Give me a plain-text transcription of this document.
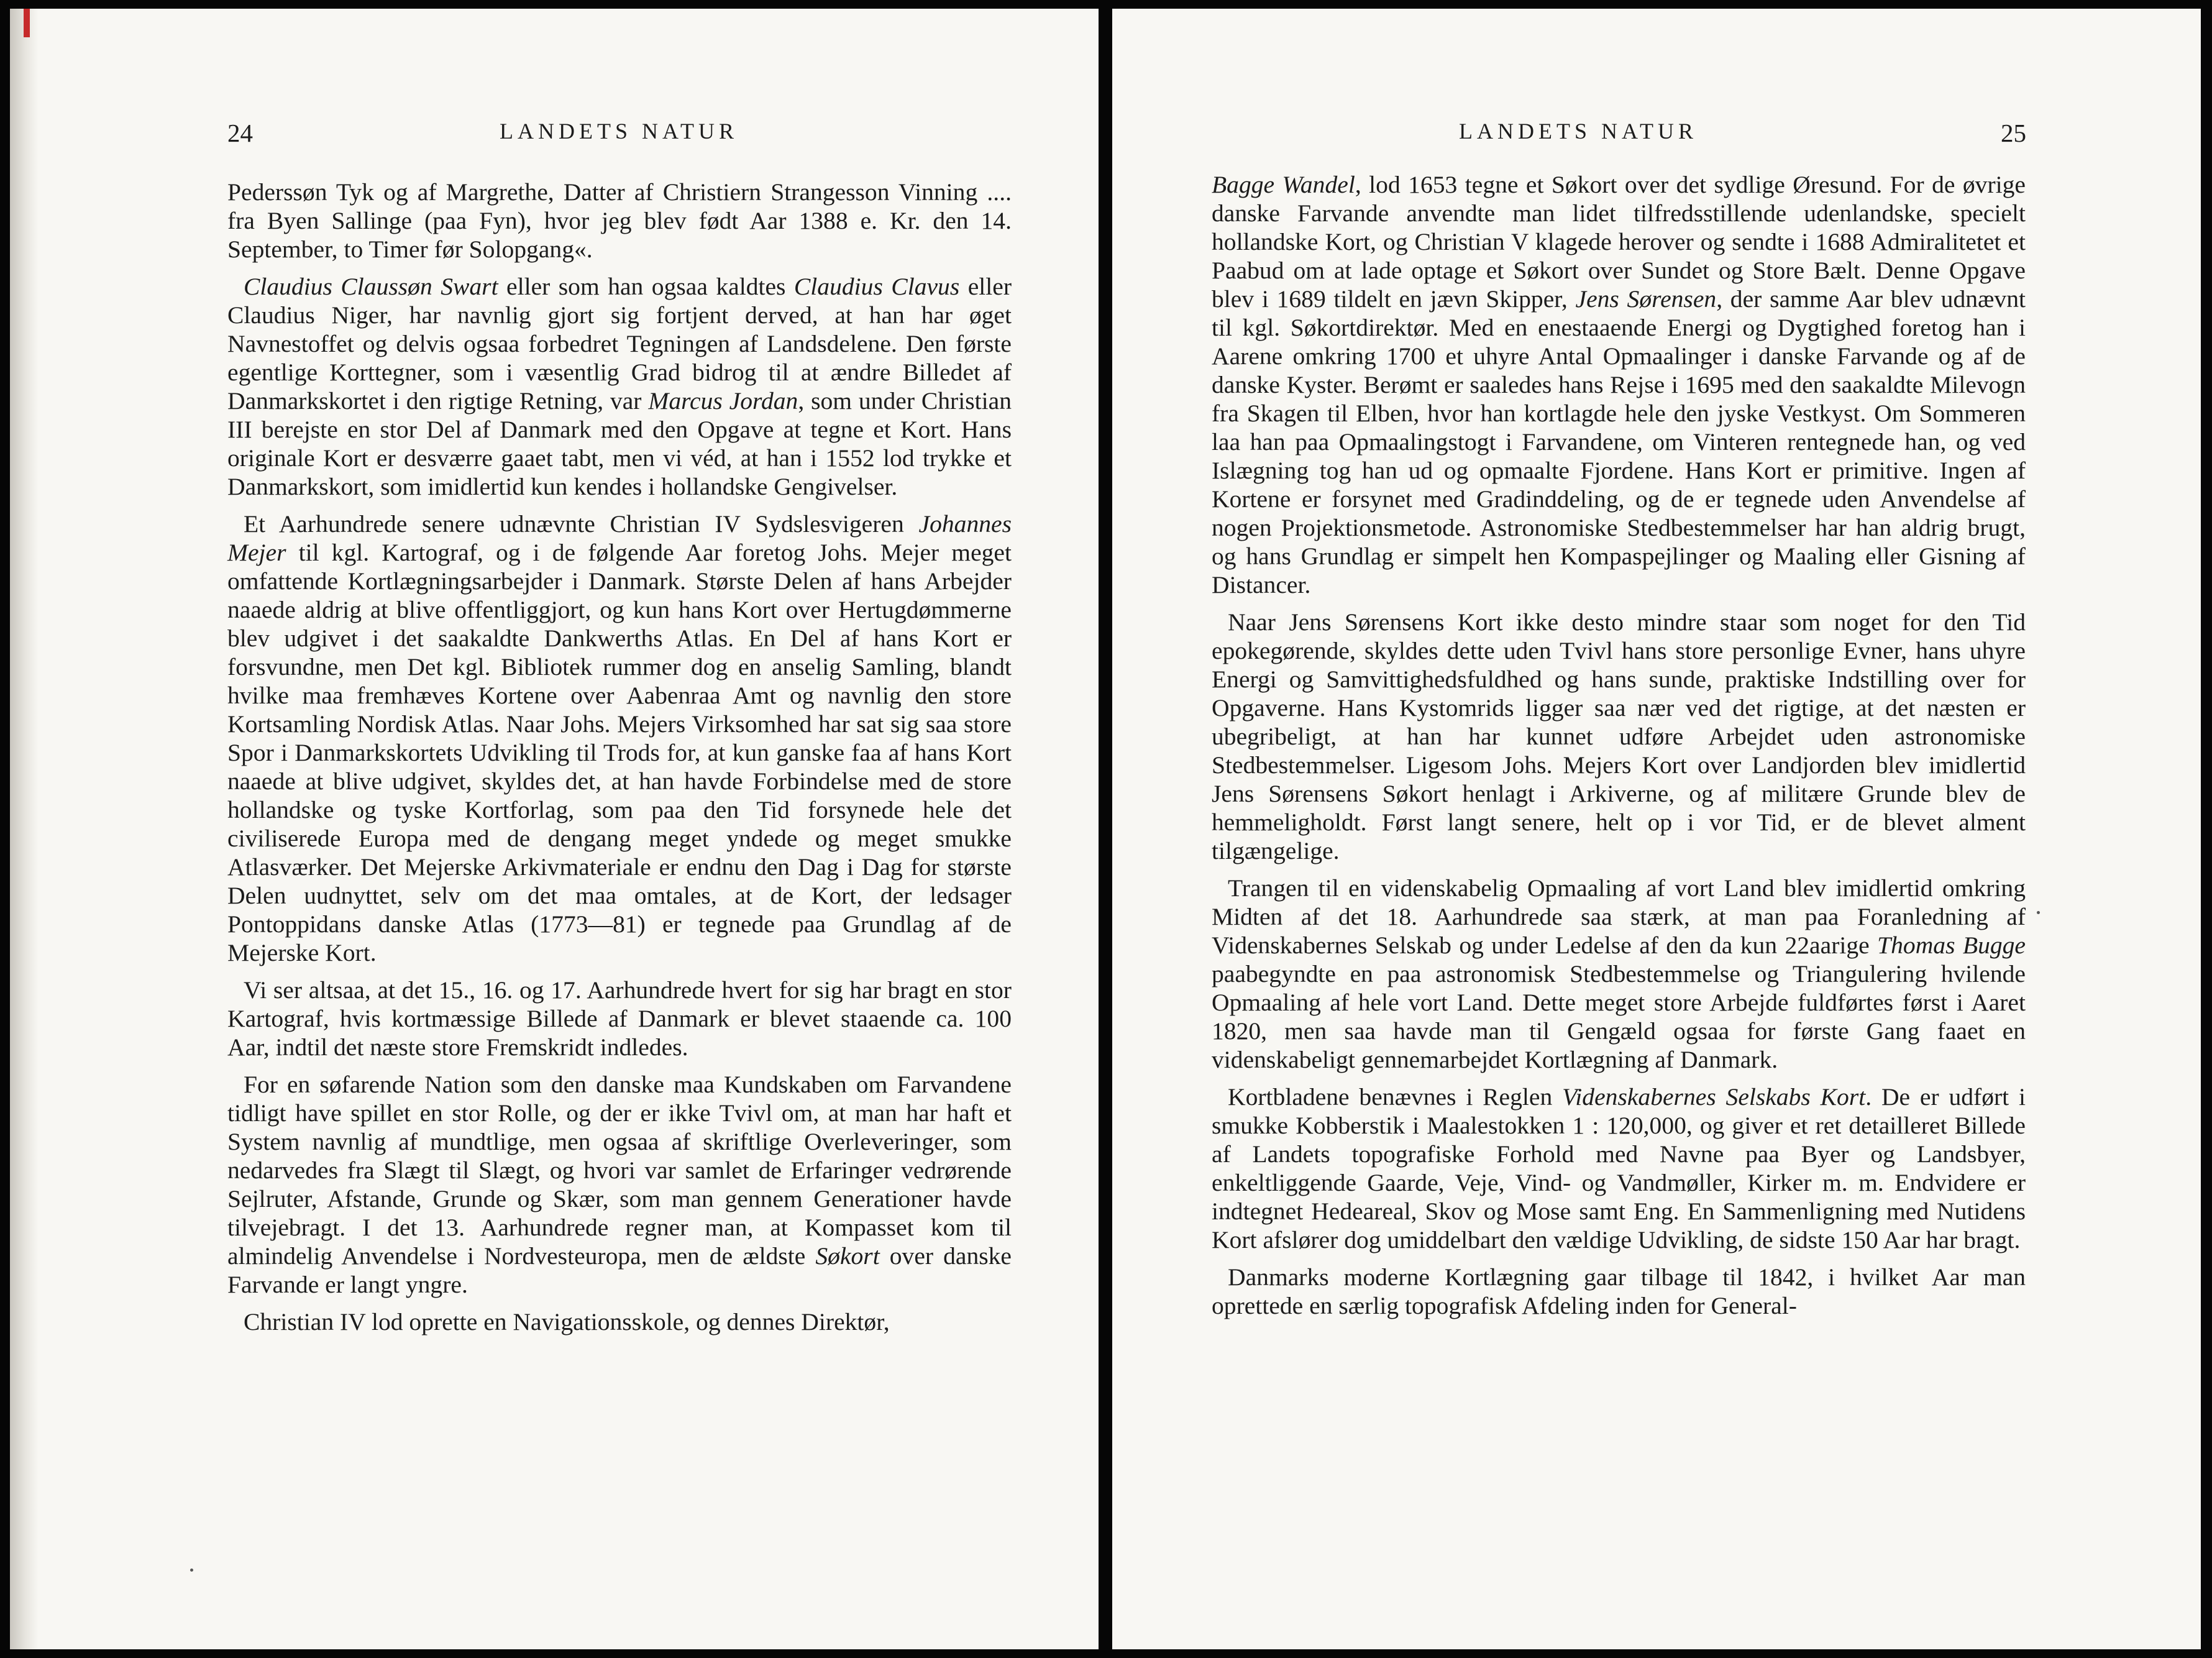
24	LANDETS NATUR

Pederssøn Tyk og af Margrethe, Datter af Christiern Strangesson Vinning .... fra Byen Sallinge (paa Fyn), hvor jeg blev født Aar 1388 e. Kr. den 14. September, to Timer før Solopgang«.

Claudius Claussøn Swart eller som han ogsaa kaldtes Claudius Clavus eller Claudius Niger, har navnlig gjort sig fortjent derved, at han har øget Navnestoffet og delvis ogsaa forbedret Tegningen af Landsdelene. Den første egentlige Korttegner, som i væsentlig Grad bidrog til at ændre Billedet af Danmarkskortet i den rigtige Retning, var Marcus Jordan, som under Christian III berejste en stor Del af Danmark med den Opgave at tegne et Kort. Hans originale Kort er desværre gaaet tabt, men vi véd, at han i 1552 lod trykke et Danmarkskort, som imidlertid kun kendes i hollandske Gengivelser.

Et Aarhundrede senere udnævnte Christian IV Sydslesvigeren Johannes Mejer til kgl. Kartograf, og i de følgende Aar foretog Johs. Mejer meget omfattende Kortlægningsarbejder i Danmark. Største Delen af hans Arbejder naaede aldrig at blive offentliggjort, og kun hans Kort over Hertugdømmerne blev udgivet i det saakaldte Dankwerths Atlas. En Del af hans Kort er forsvundne, men Det kgl. Bibliotek rummer dog en anselig Samling, blandt hvilke maa fremhæves Kortene over Aabenraa Amt og navnlig den store Kortsamling Nordisk Atlas. Naar Johs. Mejers Virksomhed har sat sig saa store Spor i Danmarkskortets Udvikling til Trods for, at kun ganske faa af hans Kort naaede at blive udgivet, skyldes det, at han havde Forbindelse med de store hollandske og tyske Kortforlag, som paa den Tid forsynede hele det civiliserede Europa med de dengang meget yndede og meget smukke Atlasværker. Det Mejerske Arkivmateriale er endnu den Dag i Dag for største Delen uudnyttet, selv om det maa omtales, at de Kort, der ledsager Pontoppidans danske Atlas (1773—81) er tegnede paa Grundlag af de Mejerske Kort.

Vi ser altsaa, at det 15., 16. og 17. Aarhundrede hvert for sig har bragt en stor Kartograf, hvis kortmæssige Billede af Danmark er blevet staaende ca. 100 Aar, indtil det næste store Fremskridt indledes.

For en søfarende Nation som den danske maa Kundskaben om Farvandene tidligt have spillet en stor Rolle, og der er ikke Tvivl om, at man har haft et System navnlig af mundtlige, men ogsaa af skriftlige Overleveringer, som nedarvedes fra Slægt til Slægt, og hvori var samlet de Erfaringer vedrørende Sejlruter, Afstande, Grunde og Skær, som man gennem Generationer havde tilvejebragt. I det 13. Aarhundrede regner man, at Kompasset kom til almindelig Anvendelse i Nordvesteuropa, men de ældste Søkort over danske Farvande er langt yngre.

Christian IV lod oprette en Navigationsskole, og dennes Direktør,

LANDETS NATUR	25

Bagge Wandel, lod 1653 tegne et Søkort over det sydlige Øresund. For de øvrige danske Farvande anvendte man lidet tilfredsstillende udenlandske, specielt hollandske Kort, og Christian V klagede herover og sendte i 1688 Admiralitetet et Paabud om at lade optage et Søkort over Sundet og Store Bælt. Denne Opgave blev i 1689 tildelt en jævn Skipper, Jens Sørensen, der samme Aar blev udnævnt til kgl. Søkortdirektør. Med en enestaaende Energi og Dygtighed foretog han i Aarene omkring 1700 et uhyre Antal Opmaalinger i danske Farvande og af de danske Kyster. Berømt er saaledes hans Rejse i 1695 med den saakaldte Milevogn fra Skagen til Elben, hvor han kortlagde hele den jyske Vestkyst. Om Sommeren laa han paa Opmaalingstogt i Farvandene, om Vinteren rentegnede han, og ved Islægning tog han ud og opmaalte Fjordene. Hans Kort er primitive. Ingen af Kortene er forsynet med Gradinddeling, og de er tegnede uden Anvendelse af nogen Projektionsmetode. Astronomiske Stedbestemmelser har han aldrig brugt, og hans Grundlag er simpelt hen Kompaspejlinger og Maaling eller Gisning af Distancer.

Naar Jens Sørensens Kort ikke desto mindre staar som noget for den Tid epokegørende, skyldes dette uden Tvivl hans store personlige Evner, hans uhyre Energi og Samvittighedsfuldhed og hans sunde, praktiske Indstilling over for Opgaverne. Hans Kystomrids ligger saa nær ved det rigtige, at det næsten er ubegribeligt, at han har kunnet udføre Arbejdet uden astronomiske Stedbestemmelser. Ligesom Johs. Mejers Kort over Landjorden blev imidlertid Jens Sørensens Søkort henlagt i Arkiverne, og af militære Grunde blev de hemmeligholdt. Først langt senere, helt op i vor Tid, er de blevet alment tilgængelige.

Trangen til en videnskabelig Opmaaling af vort Land blev imidlertid omkring Midten af det 18. Aarhundrede saa stærk, at man paa Foranledning af Videnskabernes Selskab og under Ledelse af den da kun 22aarige Thomas Bugge paabegyndte en paa astronomisk Stedbestemmelse og Triangulering hvilende Opmaaling af hele vort Land. Dette meget store Arbejde fuldførtes først i Aaret 1820, men saa havde man til Gengæld ogsaa for første Gang faaet en videnskabeligt gennemarbejdet Kortlægning af Danmark.

Kortbladene benævnes i Reglen Videnskabernes Selskabs Kort. De er udført i smukke Kobberstik i Maalestokken 1 : 120,000, og giver et ret detailleret Billede af Landets topografiske Forhold med Navne paa Byer og Landsbyer, enkeltliggende Gaarde, Veje, Vind- og Vandmøller, Kirker m. m. Endvidere er indtegnet Hedeareal, Skov og Mose samt Eng. En Sammenligning med Nutidens Kort afslører dog umiddelbart den vældige Udvikling, de sidste 150 Aar har bragt.

Danmarks moderne Kortlægning gaar tilbage til 1842, i hvilket Aar man oprettede en særlig topografisk Afdeling inden for General-
